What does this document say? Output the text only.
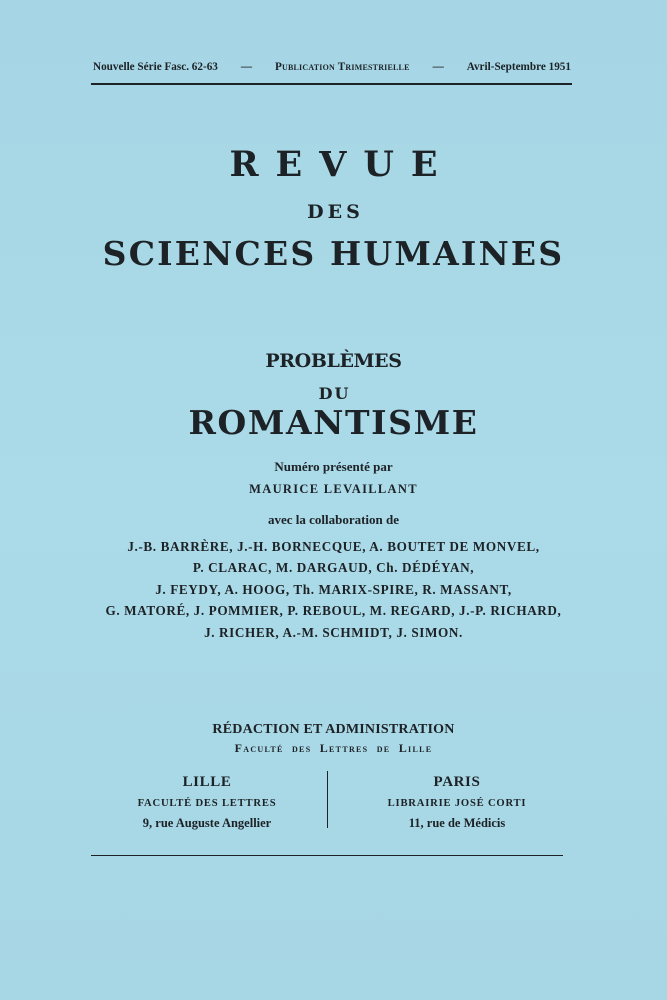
Nouvelle Série Fasc. 62-63 — Publication Trimestrielle — Avril-Septembre 1951
REVUE
DES
SCIENCES HUMAINES
PROBLÈMES
DU
ROMANTISME
Numéro présenté par
MAURICE LEVAILLANT
avec la collaboration de
J.-B. BARRÈRE, J.-H. BORNECQUE, A. BOUTET DE MONVEL,
P. CLARAC, M. DARGAUD, Ch. DÉDÉYAN,
J. FEYDY, A. HOOG, Th. MARIX-SPIRE, R. MASSANT,
G. MATORÉ, J. POMMIER, P. REBOUL, M. REGARD, J.-P. RICHARD,
J. RICHER, A.-M. SCHMIDT, J. SIMON.
RÉDACTION ET ADMINISTRATION
Faculté des Lettres de Lille
LILLE
FACULTÉ DES LETTRES
9, rue Auguste Angellier
PARIS
LIBRAIRIE JOSÉ CORTI
11, rue de Médicis
